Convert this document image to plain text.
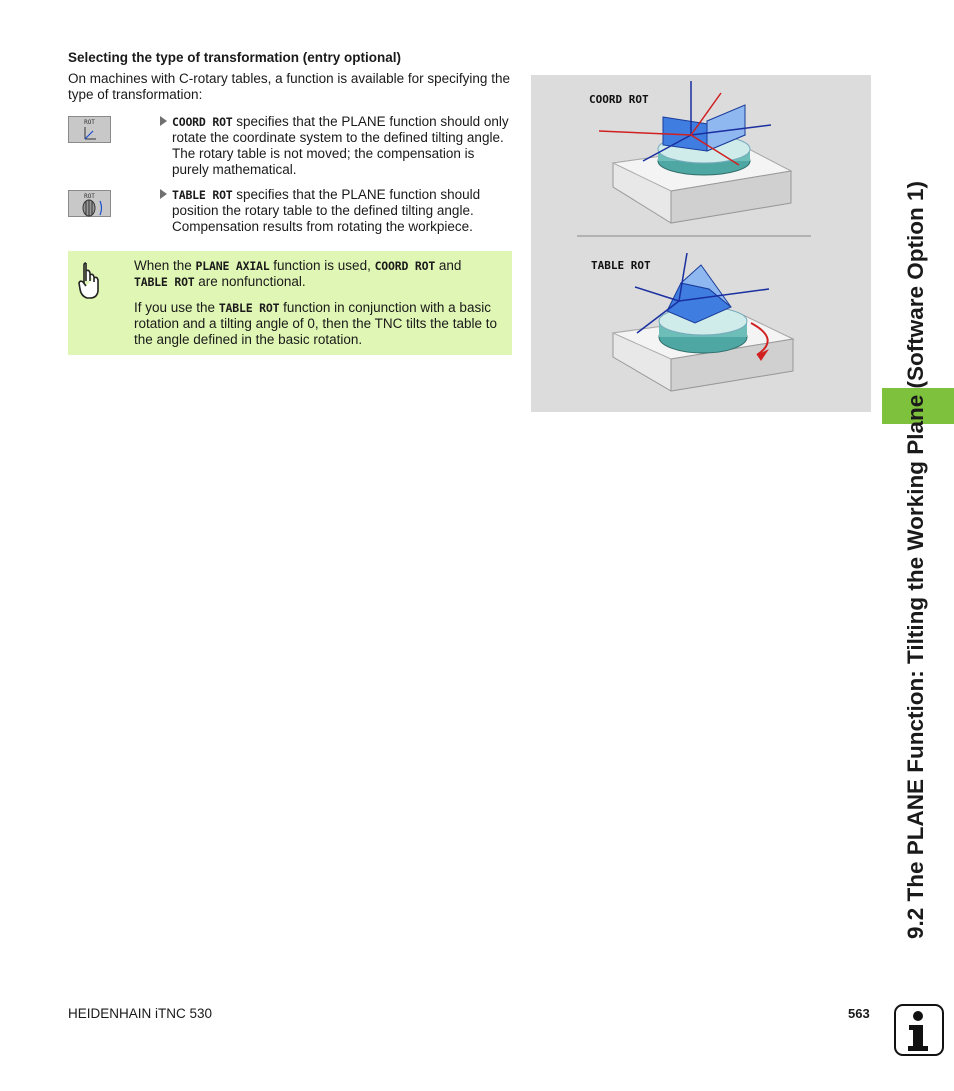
Selecting the type of transformation (entry optional)
On machines with C-rotary tables, a function is available for specifying the type of transformation:
ROT	COORD ROT specifies that the PLANE function should only rotate the coordinate system to the defined tilting angle. The rotary table is not moved; the compensation is purely mathematical.
ROT	TABLE ROT specifies that the PLANE function should position the rotary table to the defined tilting angle. Compensation results from rotating the workpiece.
When the PLANE AXIAL function is used, COORD ROT and
TABLE ROT are nonfunctional.
If you use the TABLE ROT function in conjunction with a basic rotation and a tilting angle of 0, then the TNC tilts the table to the angle defined in the basic rotation.
COORD ROT
TABLE ROT	9.2 The PLANE Function: Tilting the Working Plane (Software Option 1)
HEIDENHAIN iTNC 530	563
